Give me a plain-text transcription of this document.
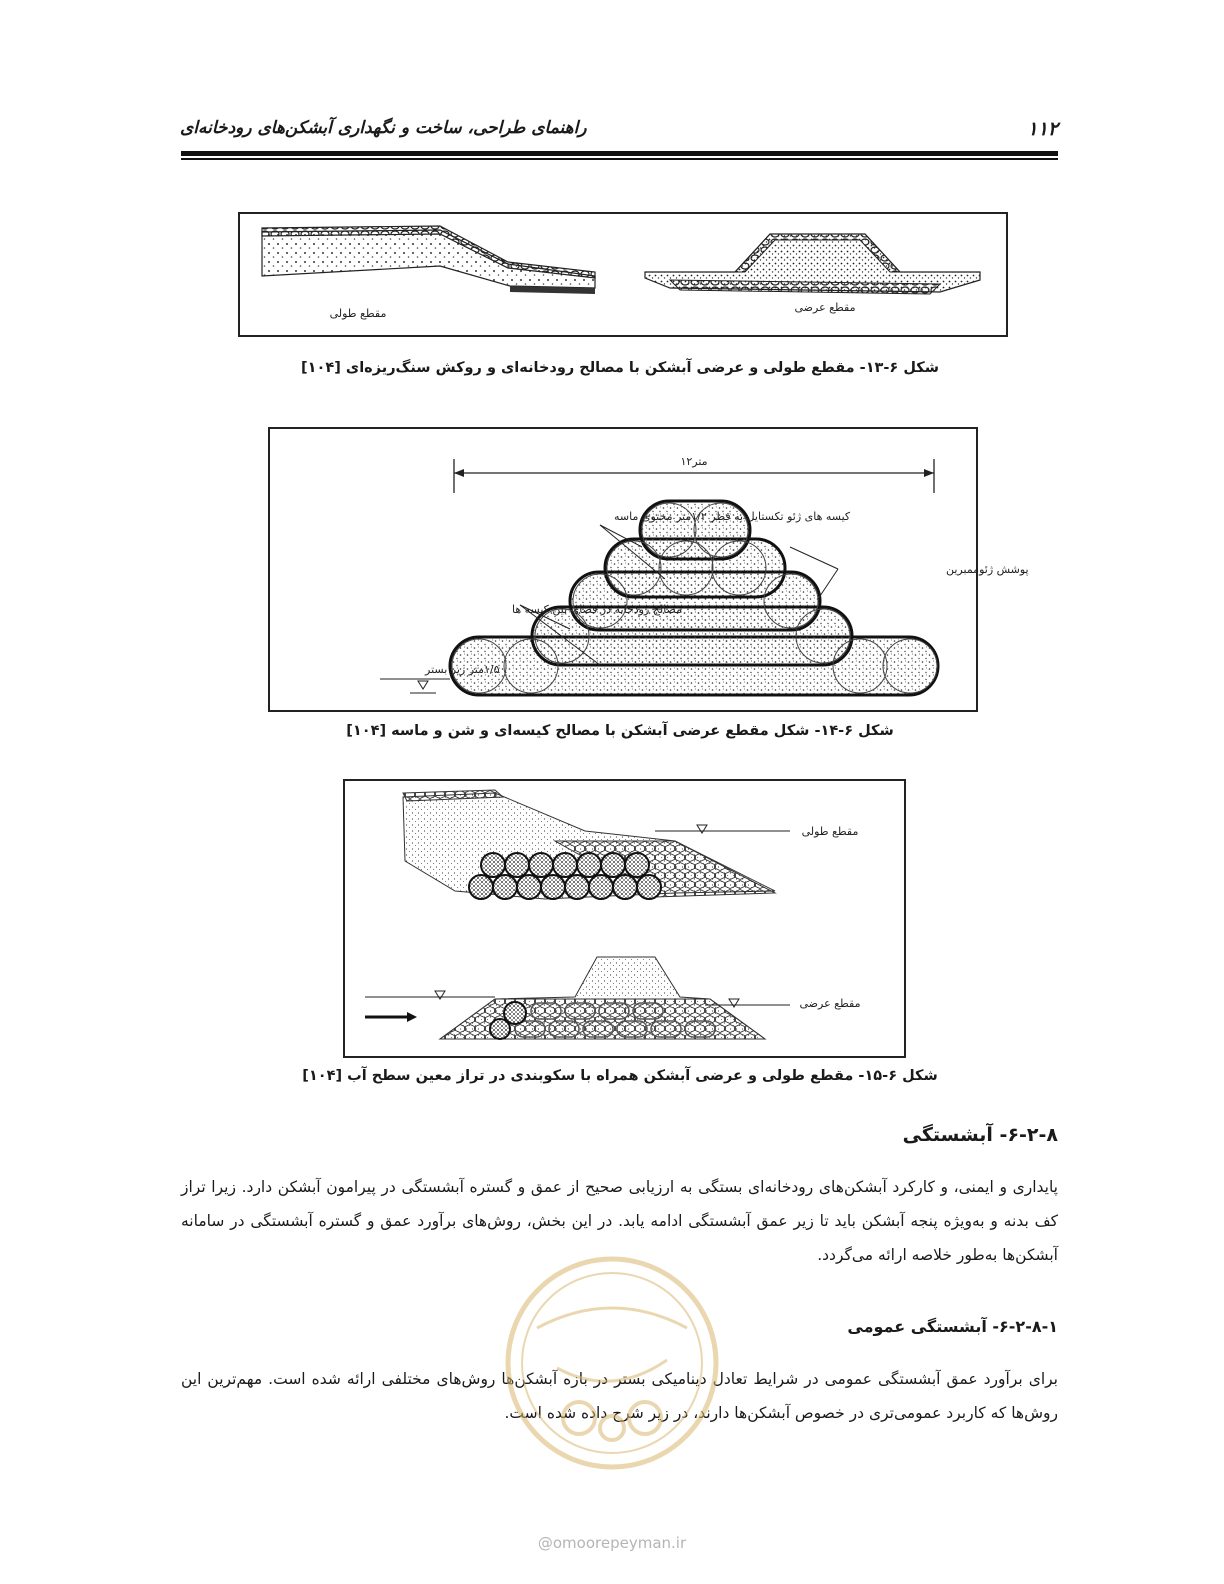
راهنمای طراحی، ساخت و نگهداری آبشکن‌های رودخانه‌ای	۱۱۲
مقطع طولی	مقطع عرضی
شکل ۶-۱۳- مقطع طولی و عرضی آبشکن با مصالح رودخانه‌ای و روکش سنگ‌ریزه‌ای [۱۰۴]
۱۲متر
کیسه های ژئو تکستایل به قطر ۱/۲متر محتوی ماسه
پوشش ژئوممبرین
مصالح رودخانه در فضای بین کیسه ها
۱/۵متر زیر بستر
شکل ۶-۱۴- شکل مقطع عرضی آبشکن با مصالح کیسه‌ای و شن و ماسه [۱۰۴]
مقطع طولی
مقطع عرضی
شکل ۶-۱۵- مقطع طولی و عرضی آبشکن همراه با سکوبندی در تراز معین سطح آب [۱۰۴]
۶-۲-۸- آبشستگی
پایداری و ایمنی، و کارکرد آبشکن‌های رودخانه‌ای بستگی به ارزیابی صحیح از عمق و گستره آبشستگی در پیرامون آبشکن دارد. زیرا تراز کف بدنه و به‌ویژه پنجه آبشکن باید تا زیر عمق آبشستگی ادامه یابد. در این بخش، روش‌های برآورد عمق و گستره آبشستگی در سامانه آبشکن‌ها به‌طور خلاصه ارائه می‌گردد.
۶-۲-۸-۱- آبشستگی عمومی
برای برآورد عمق آبشستگی عمومی در شرایط تعادل دینامیکی بستر در بازه آبشکن‌ها روش‌های مختلفی ارائه شده است. مهم‌ترین این روش‌ها که کاربرد عمومی‌تری در خصوص آبشکن‌ها دارند، در زیر شرح داده شده است.
@omoorepeyman.ir
